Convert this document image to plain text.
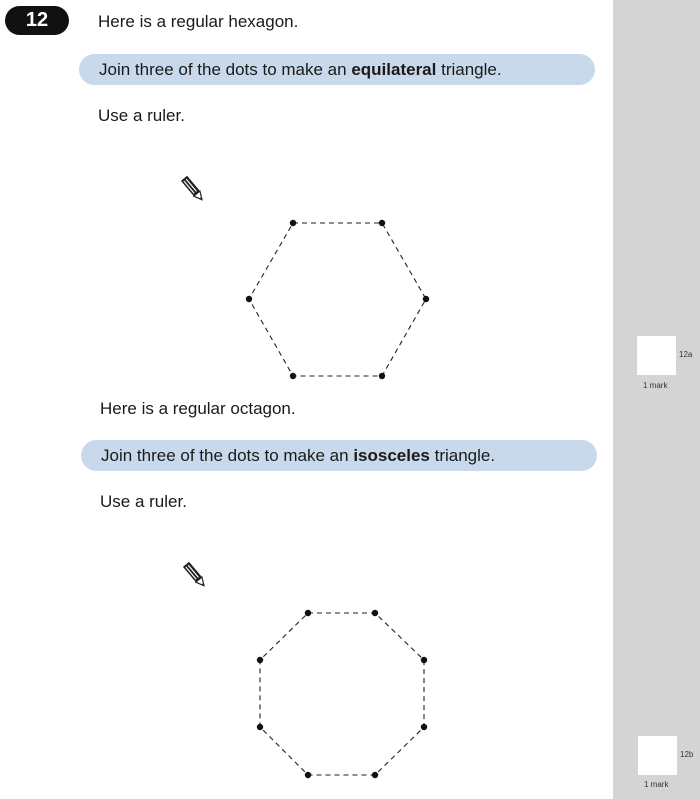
12	Here is a regular hexagon.
Join three of the dots to make an equilateral triangle.
Use a ruler.
12a
1 mark
Here is a regular octagon.
Join three of the dots to make an isosceles triangle.
Use a ruler.
12b
1 mark
